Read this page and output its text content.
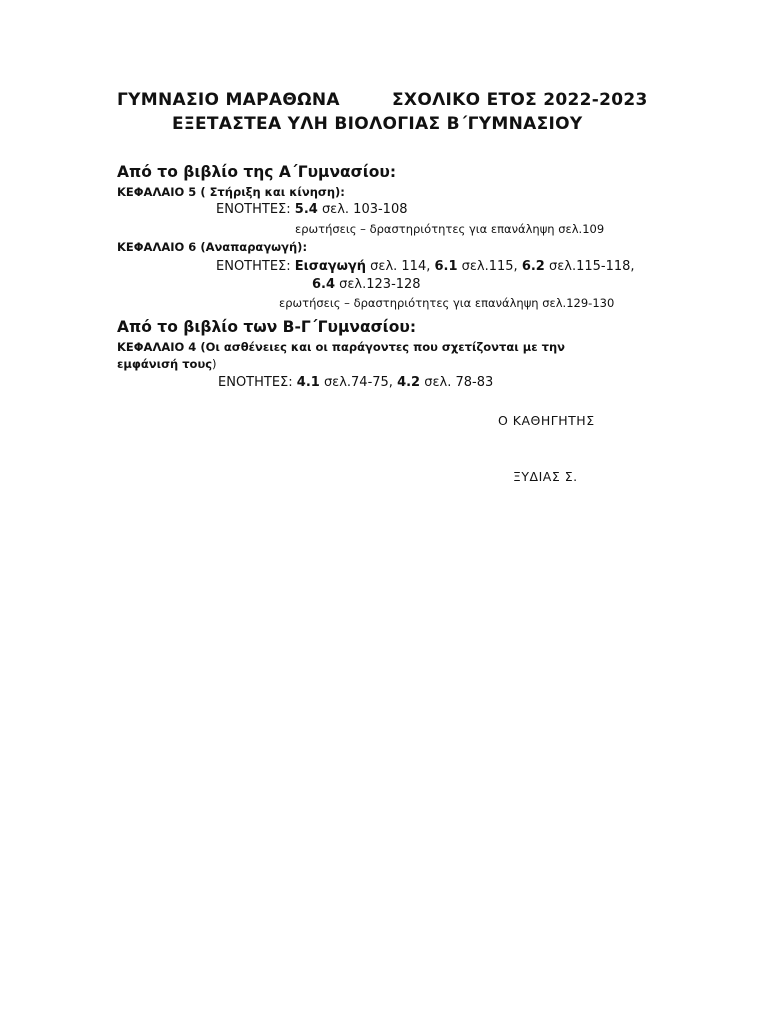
ΓΥΜΝΑΣΙΟ ΜΑΡΑΘΩΝΑ	ΣΧΟΛΙΚΟ ΕΤΟΣ 2022-2023
ΕΞΕΤΑΣΤΕΑ ΥΛΗ ΒΙΟΛΟΓΙΑΣ Β΄ΓΥΜΝΑΣΙΟΥ
Από το βιβλίο της Α΄Γυμνασίου:
ΚΕΦΑΛΑΙΟ 5 ( Στήριξη και κίνηση):
ΕΝΟΤΗΤΕΣ: 5.4 σελ. 103-108
ερωτήσεις – δραστηριότητες για επανάληψη σελ.109
ΚΕΦΑΛΑΙΟ 6 (Αναπαραγωγή):
ΕΝΟΤΗΤΕΣ: Εισαγωγή σελ. 114, 6.1 σελ.115, 6.2 σελ.115-118,
6.4 σελ.123-128
ερωτήσεις – δραστηριότητες για επανάληψη σελ.129-130
Από το βιβλίο των Β-Γ΄Γυμνασίου:
ΚΕΦΑΛΑΙΟ 4 (Οι ασθένειες και οι παράγοντες που σχετίζονται με την
εμφάνισή τους)
ΕΝΟΤΗΤΕΣ: 4.1 σελ.74-75, 4.2 σελ. 78-83
Ο ΚΑΘΗΓΗΤΗΣ
ΞΥΔΙΑΣ Σ.
